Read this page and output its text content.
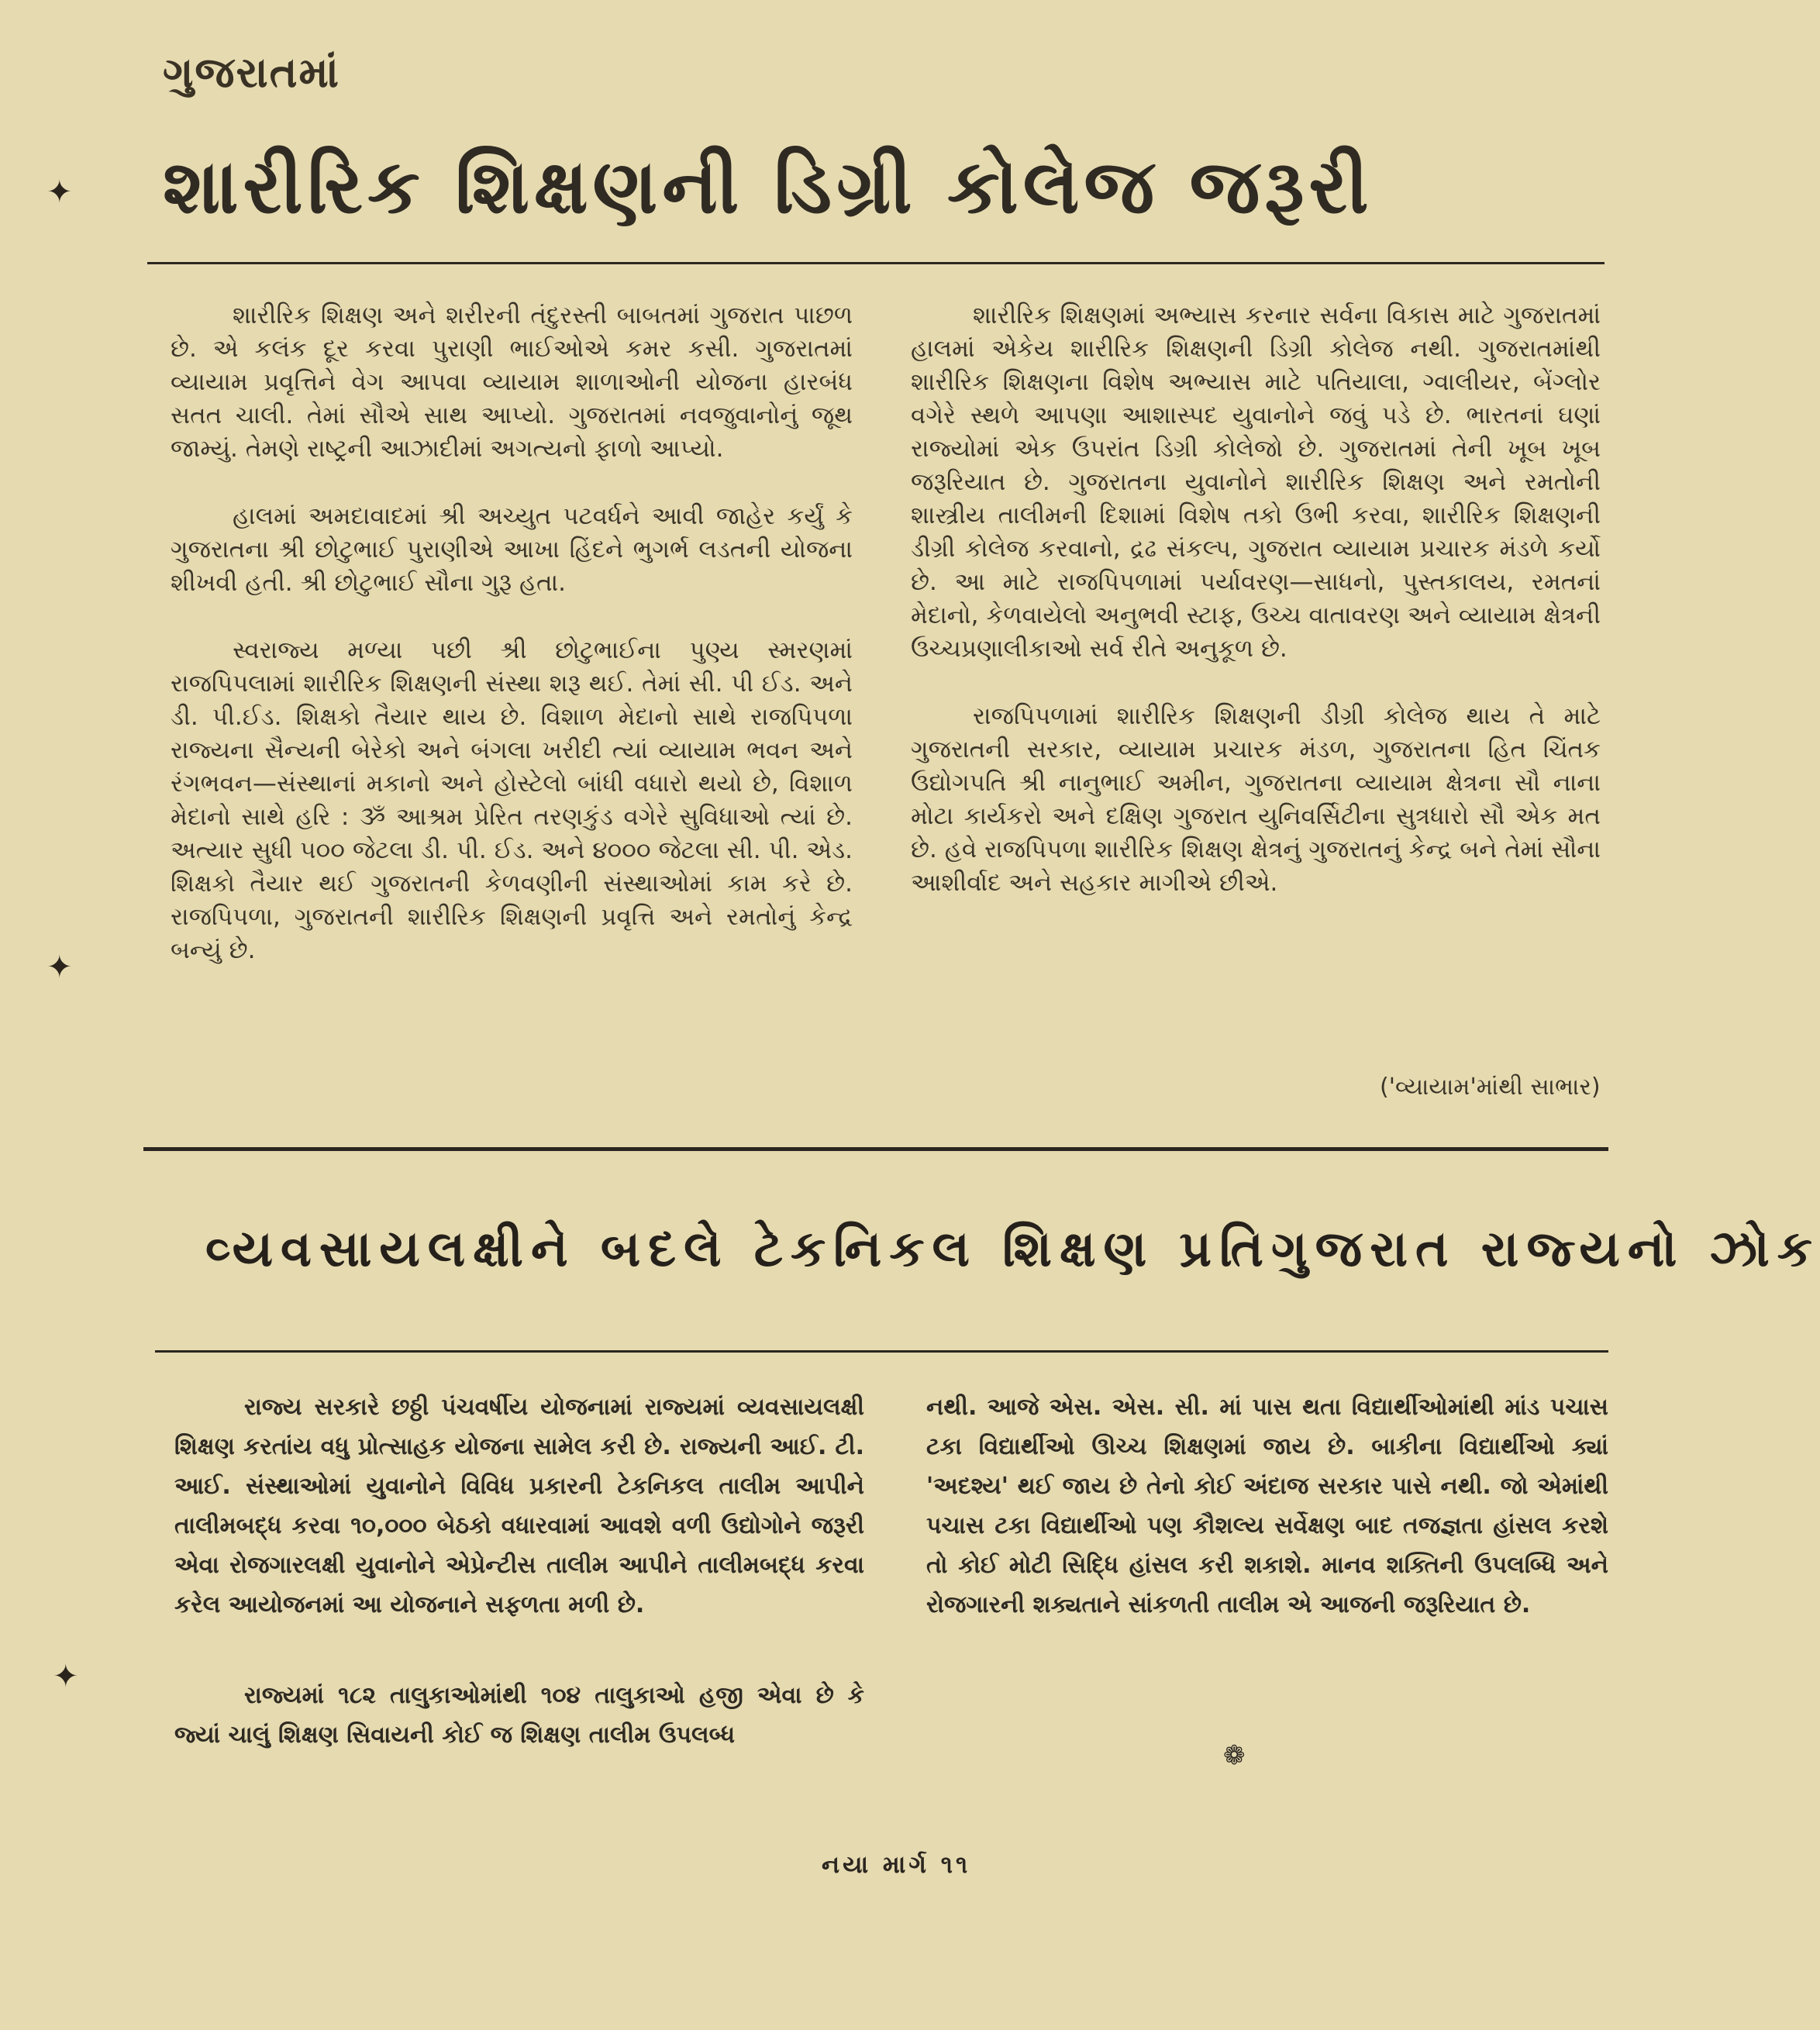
✦
✦
✦
ગુજરાતમાં
શારીરિક શિક્ષણની ડિગ્રી કોલેજ જરૂરી

શારીરિક શિક્ષણ અને શરીરની તંદુરસ્તી બાબતમાં ગુજરાત પાછળ છે. એ કલંક દૂર કરવા પુરાણી ભાઈઓએ કમર કસી. ગુજરાતમાં વ્યાયામ પ્રવૃત્તિને વેગ આપવા વ્યાયામ શાળાઓની યોજના હારબંધ સતત ચાલી. તેમાં સૌએ સાથ આપ્યો. ગુજરાતમાં નવજુવાનોનું જૂથ જામ્યું. તેમણે રાષ્ટ્રની આઝાદીમાં અગત્યનો ફાળો આપ્યો.

હાલમાં અમદાવાદમાં શ્રી અચ્યુત પટવર્ધને આવી જાહેર કર્યું કે ગુજરાતના શ્રી છોટુભાઈ પુરાણીએ આખા હિંદને ભુગર્ભ લડતની યોજના શીખવી હતી. શ્રી છોટુભાઈ સૌના ગુરૂ હતા.

સ્વરાજ્ય મળ્યા પછી શ્રી છોટુભાઈના પુણ્ય સ્મરણમાં રાજપિપલામાં શારીરિક શિક્ષણની સંસ્થા શરૂ થઈ. તેમાં સી. પી ઈડ. અને ડી. પી.ઈડ. શિક્ષકો તૈયાર થાય છે. વિશાળ મેદાનો સાથે રાજપિપળા રાજ્યના સૈન્યની બેરેકો અને બંગલા ખરીદી ત્યાં વ્યાયામ ભવન અને રંગભવન—સંસ્થાનાં મકાનો અને હોસ્ટેલો બાંધી વધારો થયો છે, વિશાળ મેદાનો સાથે હરિ : ૐ આશ્રમ પ્રેરિત તરણકુંડ વગેરે સુવિધાઓ ત્યાં છે. અત્યાર સુધી ૫૦૦ જેટલા ડી. પી. ઈડ. અને ૪૦૦૦ જેટલા સી. પી. એડ. શિક્ષકો તૈયાર થઈ ગુજરાતની કેળવણીની સંસ્થાઓમાં કામ કરે છે. રાજપિપળા, ગુજરાતની શારીરિક શિક્ષણની પ્રવૃત્તિ અને રમતોનું કેન્દ્ર બન્યું છે.

શારીરિક શિક્ષણમાં અભ્યાસ કરનાર સર્વના વિકાસ માટે ગુજરાતમાં હાલમાં એકેય શારીરિક શિક્ષણની ડિગ્રી કોલેજ નથી. ગુજરાતમાંથી શારીરિક શિક્ષણના વિશેષ અભ્યાસ માટે પતિયાલા, ગ્વાલીયર, બેંગ્લોર વગેરે સ્થળે આપણા આશાસ્પદ યુવાનોને જવું પડે છે. ભારતનાં ઘણાં રાજ્યોમાં એક ઉપરાંત ડિગ્રી કોલેજો છે. ગુજરાતમાં તેની ખૂબ ખૂબ જરૂરિયાત છે. ગુજરાતના યુવાનોને શારીરિક શિક્ષણ અને રમતોની શાસ્ત્રીય તાલીમની દિશામાં વિશેષ તકો ઉભી કરવા, શારીરિક શિક્ષણની ડીગ્રી કોલેજ કરવાનો, દ્રઢ સંકલ્પ, ગુજરાત વ્યાયામ પ્રચારક મંડળે કર્યો છે. આ માટે રાજપિપળામાં પર્યાવરણ—સાધનો, પુસ્તકાલય, રમતનાં મેદાનો, કેળવાયેલો અનુભવી સ્ટાફ, ઉચ્ચ વાતાવરણ અને વ્યાયામ ક્ષેત્રની ઉચ્ચપ્રણાલીકાઓ સર્વ રીતે અનુકૂળ છે.

રાજપિપળામાં શારીરિક શિક્ષણની ડીગ્રી કોલેજ થાય તે માટે ગુજરાતની સરકાર, વ્યાયામ પ્રચારક મંડળ, ગુજરાતના હિત ચિંતક ઉદ્યોગપતિ શ્રી નાનુભાઈ અમીન, ગુજરાતના વ્યાયામ ક્ષેત્રના સૌ નાના મોટા કાર્યકરો અને દક્ષિણ ગુજરાત યુનિવર્સિટીના સુત્રધારો સૌ એક મત છે. હવે રાજપિપળા શારીરિક શિક્ષણ ક્ષેત્રનું ગુજરાતનું કેન્દ્ર બને તેમાં સૌના આશીર્વાદ અને સહકાર માગીએ છીએ.

('વ્યાયામ'માંથી સાભાર)
વ્યવસાયલક્ષીને બદલે ટેકનિકલ શિક્ષણ પ્રતિગુજરાત રાજ્યનો ઝોક

રાજ્ય સરકારે છઠ્ઠી પંચવર્ષીય યોજનામાં રાજ્યમાં વ્યવસાયલક્ષી શિક્ષણ કરતાંય વધુ પ્રોત્સાહક યોજના સામેલ કરી છે. રાજ્યની આઈ. ટી. આઈ. સંસ્થાઓમાં યુવાનોને વિવિધ પ્રકારની ટેકનિકલ તાલીમ આપીને તાલીમબદ્ધ કરવા ૧૦,૦૦૦ બેઠકો વધારવામાં આવશે વળી ઉદ્યોગોને જરૂરી એવા રોજગારલક્ષી યુવાનોને એપ્રેન્ટીસ તાલીમ આપીને તાલીમબદ્ધ કરવા કરેલ આયોજનમાં આ યોજનાને સફળતા મળી છે.

રાજ્યમાં ૧૮૨ તાલુકાઓમાંથી ૧૦૪ તાલુકાઓ હજી એવા છે કે જ્યાં ચાલું શિક્ષણ સિવાયની કોઈ જ શિક્ષણ તાલીમ ઉપલબ્ધ

નથી. આજે એસ. એસ. સી. માં પાસ થતા વિદ્યાર્થીઓમાંથી માંડ પચાસ ટકા વિદ્યાર્થીઓ ઊચ્ચ શિક્ષણમાં જાય છે. બાકીના વિદ્યાર્થીઓ ક્યાં 'અદશ્ય' થઈ જાય છે તેનો કોઈ અંદાજ સરકાર પાસે નથી. જો એમાંથી પચાસ ટકા વિદ્યાર્થીઓ પણ કૌશલ્ય સર્વેક્ષણ બાદ તજજ્ઞતા હાંસલ કરશે તો કોઈ મોટી સિદ્ધિ હાંસલ કરી શકાશે. માનવ શક્તિની ઉપલબ્ધિ અને રોજગારની શક્યતાને સાંકળતી તાલીમ એ આજની જરૂરિયાત છે.

❁
નયા માર્ગ ૧૧
